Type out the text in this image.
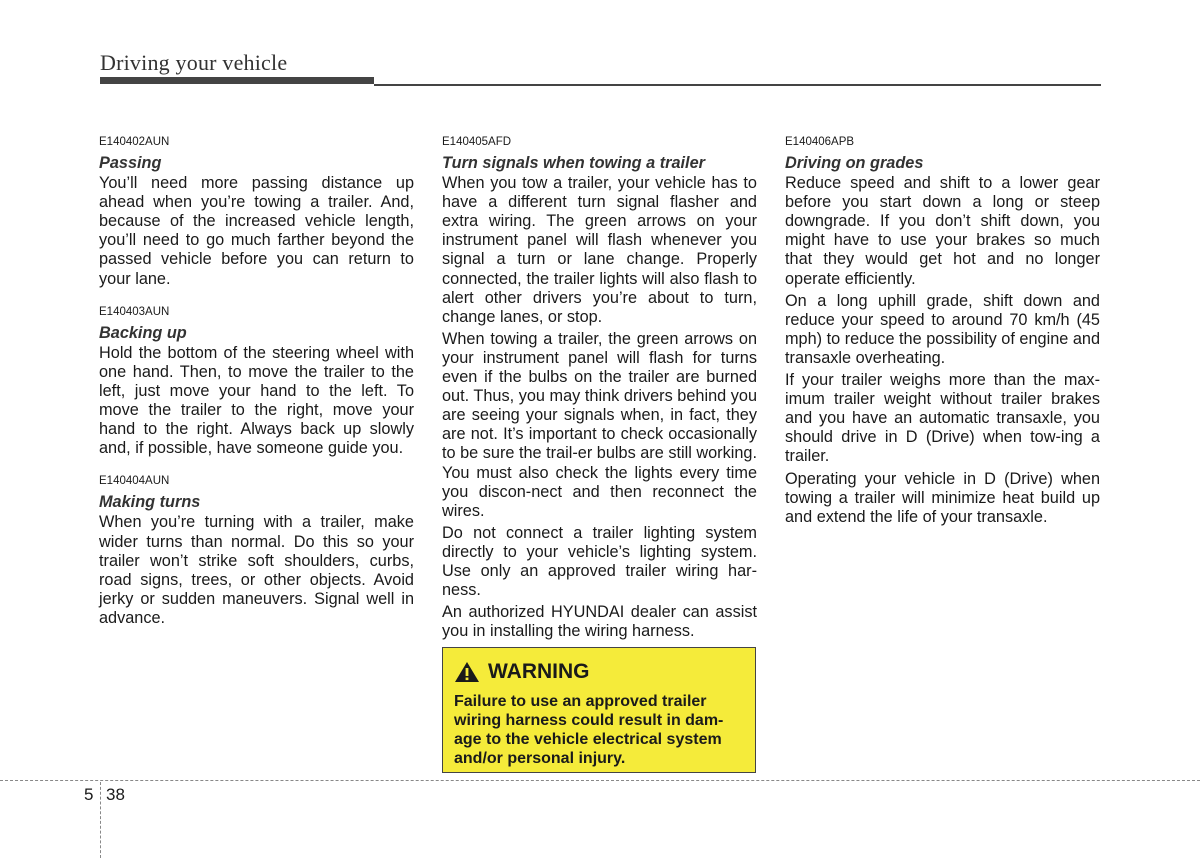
Driving your vehicle
E140402AUN
Passing

You’ll need more passing distance up ahead when you’re towing a trailer. And, because of the increased vehicle length, you’ll need to go much farther beyond the passed vehicle before you can return to your lane.

E140403AUN
Backing up

Hold the bottom of the steering wheel with one hand. Then, to move the trailer to the left, just move your hand to the left. To move the trailer to the right, move your hand to the right. Always back up slowly and, if possible, have someone guide you.

E140404AUN
Making turns

When you’re turning with a trailer, make wider turns than normal. Do this so your trailer won’t strike soft shoulders, curbs, road signs, trees, or other objects. Avoid jerky or sudden maneuvers. Signal well in advance.

E140405AFD
Turn signals when towing a trailer

When you tow a trailer, your vehicle has to have a different turn signal flasher and extra wiring. The green arrows on your instrument panel will flash whenever you signal a turn or lane change. Properly connected, the trailer lights will also flash to alert other drivers you’re about to turn, change lanes, or stop.

When towing a trailer, the green arrows on your instrument panel will flash for turns even if the bulbs on the trailer are burned out. Thus, you may think drivers behind you are seeing your signals when, in fact, they are not. It’s important to check occasionally to be sure the trail-er bulbs are still working. You must also check the lights every time you discon-nect and then reconnect the wires.

Do not connect a trailer lighting system directly to your vehicle’s lighting system. Use only an approved trailer wiring har-ness.

An authorized HYUNDAI dealer can assist you in installing the wiring harness.

WARNING
Failure to use an approved trailer wiring harness could result in dam-age to the vehicle electrical system and/or personal injury.
E140406APB
Driving on grades

Reduce speed and shift to a lower gear before you start down a long or steep downgrade. If you don’t shift down, you might have to use your brakes so much that they would get hot and no longer operate efficiently.

On a long uphill grade, shift down and reduce your speed to around 70 km/h (45 mph) to reduce the possibility of engine and transaxle overheating.

If your trailer weighs more than the max-imum trailer weight without trailer brakes and you have an automatic transaxle, you should drive in D (Drive) when tow-ing a trailer.

Operating your vehicle in D (Drive) when towing a trailer will minimize heat build up and extend the life of your transaxle.

5 38
